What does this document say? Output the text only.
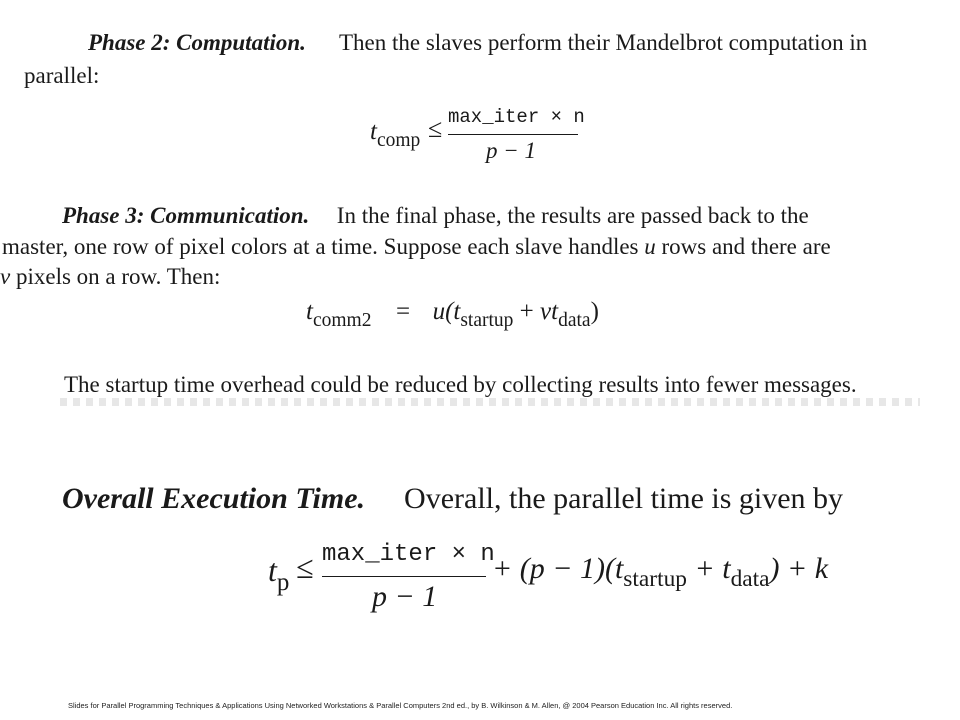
Phase 2: Computation. Then the slaves perform their Mandelbrot computation in
parallel:
$t_{comp}$ ≤ max_iter × n
p − 1
Phase 3: Communication. In the final phase, the results are passed back to the
master, one row of pixel colors at a time. Suppose each slave handles u rows and there are
v pixels on a row. Then:
$t_{comm2} = u(t_{startup} + vt_{data})$
The startup time overhead could be reduced by collecting results into fewer messages.
Overall Execution Time. Overall, the parallel time is given by
$t_p$ ≤ max_iter × n
p − 1
+ $(p - 1)(t_{startup} + t_{data}) + k$
Slides for Parallel Programming Techniques & Applications Using Networked Workstations & Parallel Computers 2nd ed., by B. Wilkinson & M. Allen, @ 2004 Pearson Education Inc. All rights reserved.
